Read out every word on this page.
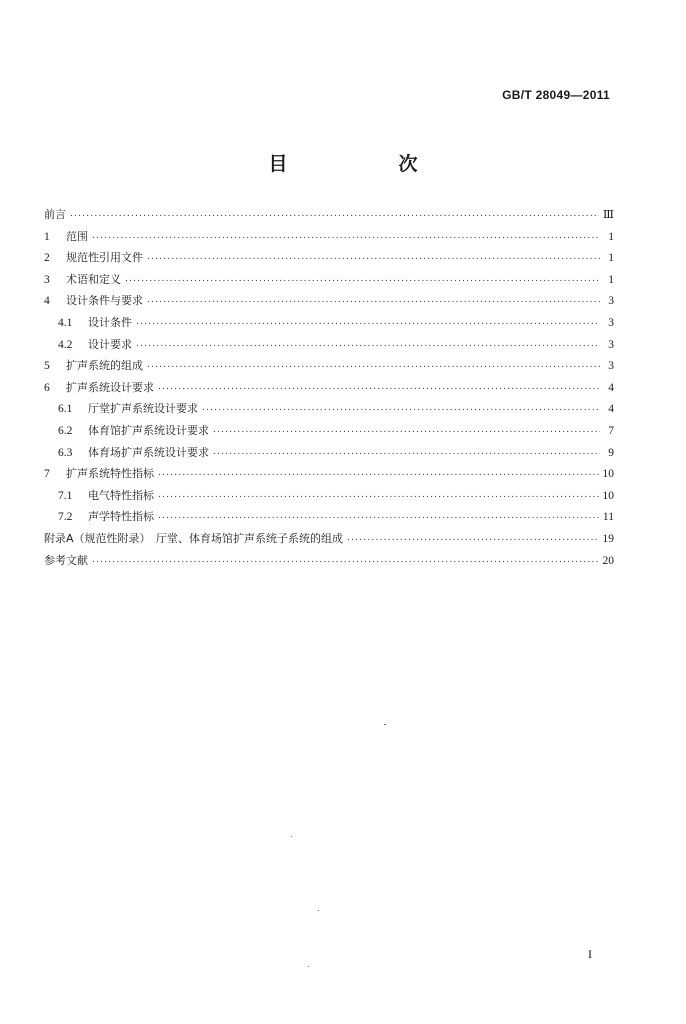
GB/T 28049—2011
目　次
前言 .....	Ⅲ
1	范围 .....	1
2	规范性引用文件 .....	1
3	术语和定义 .....	1
4	设计条件与要求 .....	3
4.1	设计条件 .....	3
4.2	设计要求 .....	3
5	扩声系统的组成 .....	3
6	扩声系统设计要求 .....	4
6.1	厅堂扩声系统设计要求 .....	4
6.2	体育馆扩声系统设计要求 .....	7
6.3	体育场扩声系统设计要求 .....	9
7	扩声系统特性指标 .....	10
7.1	电气特性指标 .....	10
7.2	声学特性指标 .....	11
附录A（规范性附录）　厅堂、体育场馆扩声系统子系统的组成 .....	19
参考文献 .....	20
I
